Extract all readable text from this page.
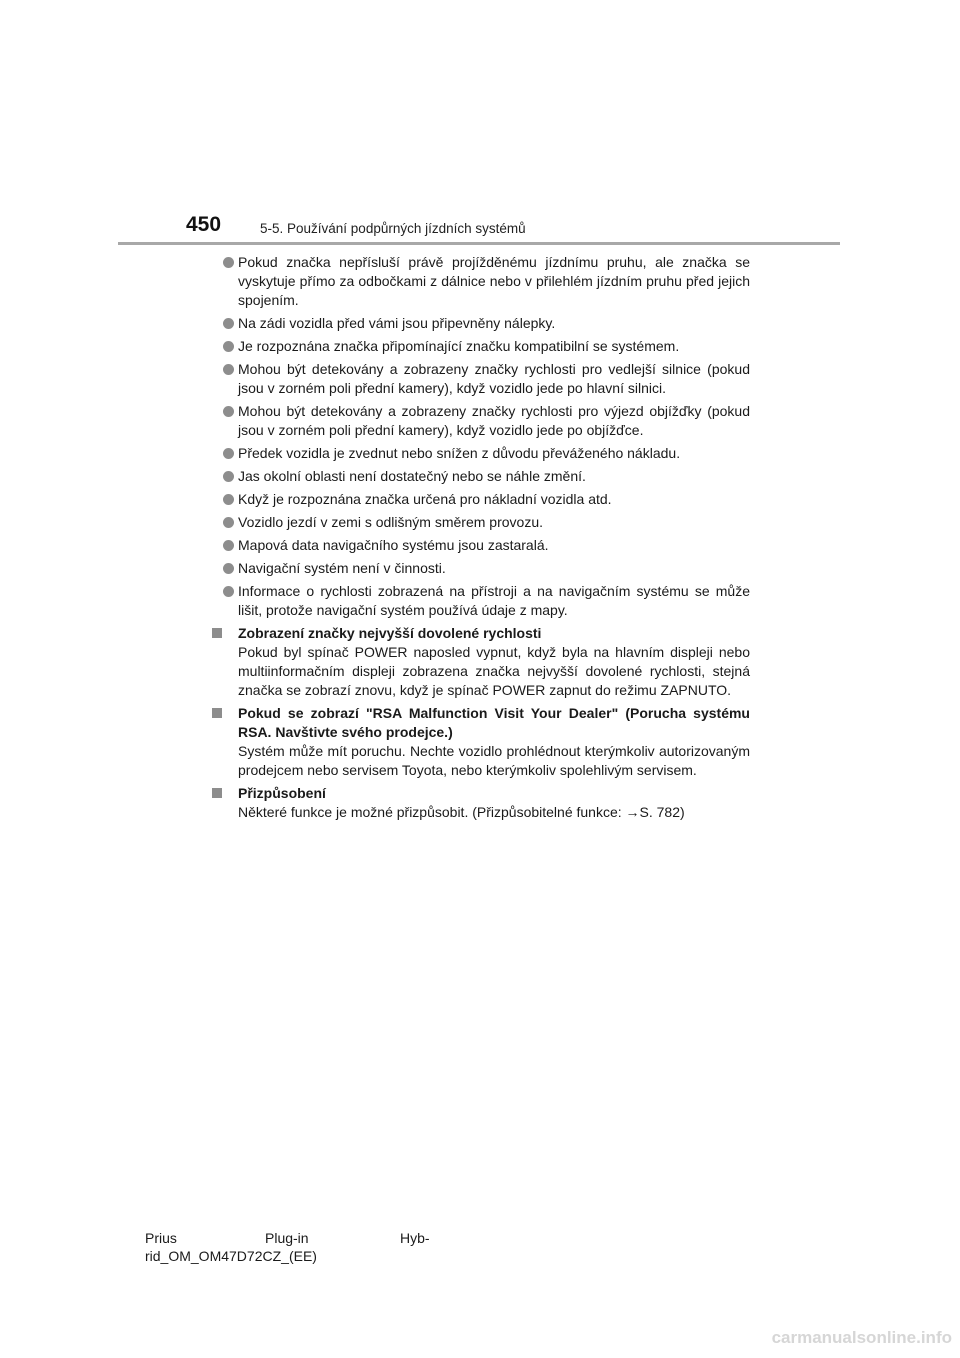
450	5-5. Používání podpůrných jízdních systémů
Pokud značka nepřísluší právě projížděnému jízdnímu pruhu, ale značka se vyskytuje přímo za odbočkami z dálnice nebo v přilehlém jízdním pruhu před jejich spojením.
Na zádi vozidla před vámi jsou připevněny nálepky.
Je rozpoznána značka připomínající značku kompatibilní se systémem.
Mohou být detekovány a zobrazeny značky rychlosti pro vedlejší silnice (pokud jsou v zorném poli přední kamery), když vozidlo jede po hlavní silnici.
Mohou být detekovány a zobrazeny značky rychlosti pro výjezd objížďky (pokud jsou v zorném poli přední kamery), když vozidlo jede po objížďce.
Předek vozidla je zvednut nebo snížen z důvodu převáženého nákladu.
Jas okolní oblasti není dostatečný nebo se náhle změní.
Když je rozpoznána značka určená pro nákladní vozidla atd.
Vozidlo jezdí v zemi s odlišným směrem provozu.
Mapová data navigačního systému jsou zastaralá.
Navigační systém není v činnosti.
Informace o rychlosti zobrazená na přístroji a na navigačním systému se může lišit, protože navigační systém používá údaje z mapy.
Zobrazení značky nejvyšší dovolené rychlosti
Pokud byl spínač POWER naposled vypnut, když byla na hlavním displeji nebo multiinformačním displeji zobrazena značka nejvyšší dovolené rychlosti, stejná značka se zobrazí znovu, když je spínač POWER zapnut do režimu ZAPNUTO.
Pokud se zobrazí "RSA Malfunction Visit Your Dealer" (Porucha systému RSA. Navštivte svého prodejce.)
Systém může mít poruchu. Nechte vozidlo prohlédnout kterýmkoliv autorizovaným prodejcem nebo servisem Toyota, nebo kterýmkoliv spolehlivým servisem.
Přizpůsobení
Některé funkce je možné přizpůsobit. (Přizpůsobitelné funkce: →S. 782)
Prius	Plug-in	Hyb-
rid_OM_OM47D72CZ_(EE)
carmanualsonline.info
